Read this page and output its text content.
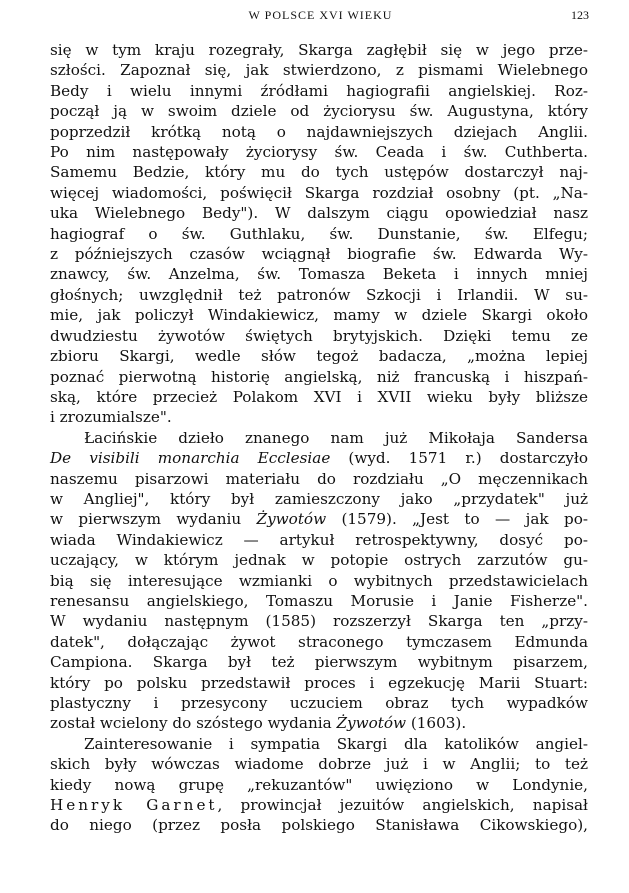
W POLSCE XVI WIEKU	123
się w tym kraju rozegrały, Skarga zagłębił się w jego prze-
szłości. Zapoznał się, jak stwierdzono, z pismami Wielebnego
Bedy i wielu innymi źródłami hagiografii angielskiej. Roz-
począł ją w swoim dziele od życiorysu św. Augustyna, który
poprzedził krótką notą o najdawniejszych dziejach Anglii.
Po nim następowały życiorysy św. Ceada i św. Cuthberta.
Samemu Bedzie, który mu do tych ustępów dostarczył naj-
więcej wiadomości, poświęcił Skarga rozdział osobny (pt. „Na-
uka Wielebnego Bedy"). W dalszym ciągu opowiedział nasz
hagiograf o św. Guthlaku, św. Dunstanie, św. Elfegu;
z późniejszych czasów wciągnął biografie św. Edwarda Wy-
znawcy, św. Anzelma, św. Tomasza Beketa i innych mniej
głośnych; uwzględnił też patronów Szkocji i Irlandii. W su-
mie, jak policzył Windakiewicz, mamy w dziele Skargi około
dwudziestu żywotów świętych brytyjskich. Dzięki temu ze
zbioru Skargi, wedle słów tegoż badacza, „można lepiej
poznać pierwotną historię angielską, niż francuską i hiszpań-
ską, które przecież Polakom XVI i XVII wieku były bliższe
i zrozumialsze".
Łacińskie dzieło znanego nam już Mikołaja Sandersa
De visibili monarchia Ecclesiae (wyd. 1571 r.) dostarczyło
naszemu pisarzowi materiału do rozdziału „O męczennikach
w Angliej", który był zamieszczony jako „przydatek" już
w pierwszym wydaniu Żywotów (1579). „Jest to — jak po-
wiada Windakiewicz — artykuł retrospektywny, dosyć po-
uczający, w którym jednak w potopie ostrych zarzutów gu-
bią się interesujące wzmianki o wybitnych przedstawicielach
renesansu angielskiego, Tomaszu Morusie i Janie Fisherze".
W wydaniu następnym (1585) rozszerzył Skarga ten „przy-
datek", dołączając żywot straconego tymczasem Edmunda
Campiona. Skarga był też pierwszym wybitnym pisarzem,
który po polsku przedstawił proces i egzekucję Marii Stuart:
plastyczny i przesycony uczuciem obraz tych wypadków
został wcielony do szóstego wydania Żywotów (1603).
Zainteresowanie i sympatia Skargi dla katolików angiel-
skich były wówczas wiadome dobrze już i w Anglii; to też
kiedy nową grupę „rekuzantów" uwięziono w Londynie,
Henryk Garnet, prowincjał jezuitów angielskich, napisał
do niego (przez posła polskiego Stanisława Cikowskiego),
